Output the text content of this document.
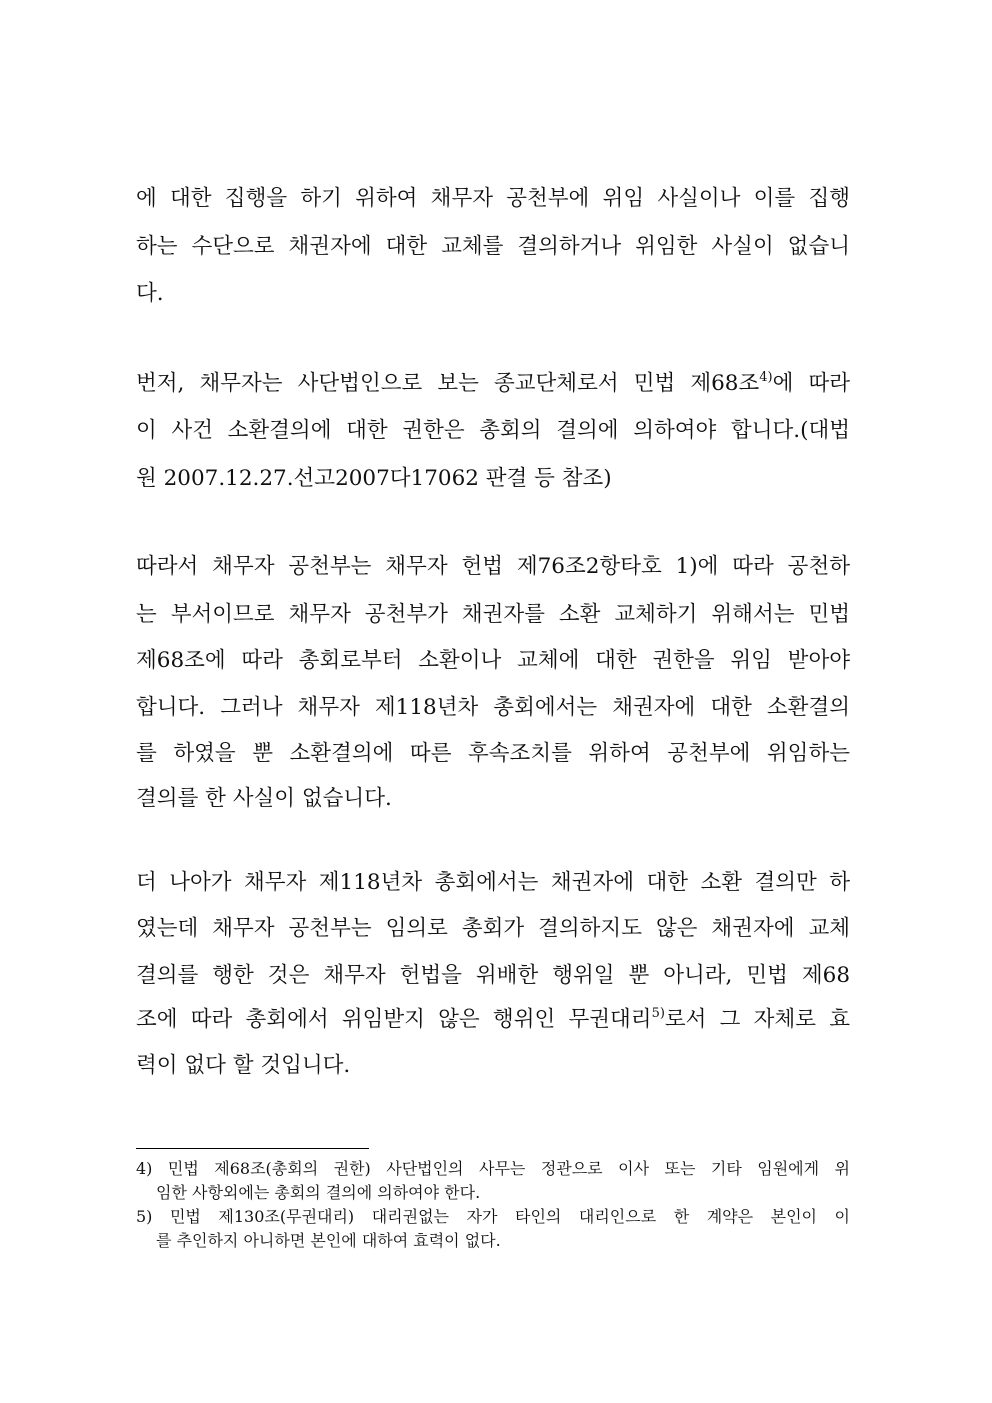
에 대한 집행을 하기 위하여 채무자 공천부에 위임 사실이나 이를 집행
하는 수단으로 채권자에 대한 교체를 결의하거나 위임한 사실이 없습니
다.
번저, 채무자는 사단법인으로 보는 종교단체로서 민법 제68조$^{4)}$에 따라
이 사건 소환결의에 대한 권한은 총회의 결의에 의하여야 합니다.(대법
원 2007.12.27.선고2007다17062 판결 등 참조)
따라서 채무자 공천부는 채무자 헌법 제76조2항타호 1)에 따라 공천하
는 부서이므로 채무자 공천부가 채권자를 소환 교체하기 위해서는 민법
제68조에 따라 총회로부터 소환이나 교체에 대한 권한을 위임 받아야
합니다. 그러나 채무자 제118년차 총회에서는 채권자에 대한 소환결의
를 하였을 뿐 소환결의에 따른 후속조치를 위하여 공천부에 위임하는
결의를 한 사실이 없습니다.
더 나아가 채무자 제118년차 총회에서는 채권자에 대한 소환 결의만 하
였는데 채무자 공천부는 임의로 총회가 결의하지도 않은 채권자에 교체
결의를 행한 것은 채무자 헌법을 위배한 행위일 뿐 아니라, 민법 제68
조에 따라 총회에서 위임받지 않은 행위인 무권대리$^{5)}$로서 그 자체로 효
력이 없다 할 것입니다.
4) 민법 제68조(총회의 권한) 사단법인의 사무는 정관으로 이사 또는 기타 임원에게 위
임한 사항외에는 총회의 결의에 의하여야 한다.
5) 민법 제130조(무권대리) 대리권없는 자가 타인의 대리인으로 한 계약은 본인이 이
를 추인하지 아니하면 본인에 대하여 효력이 없다.
